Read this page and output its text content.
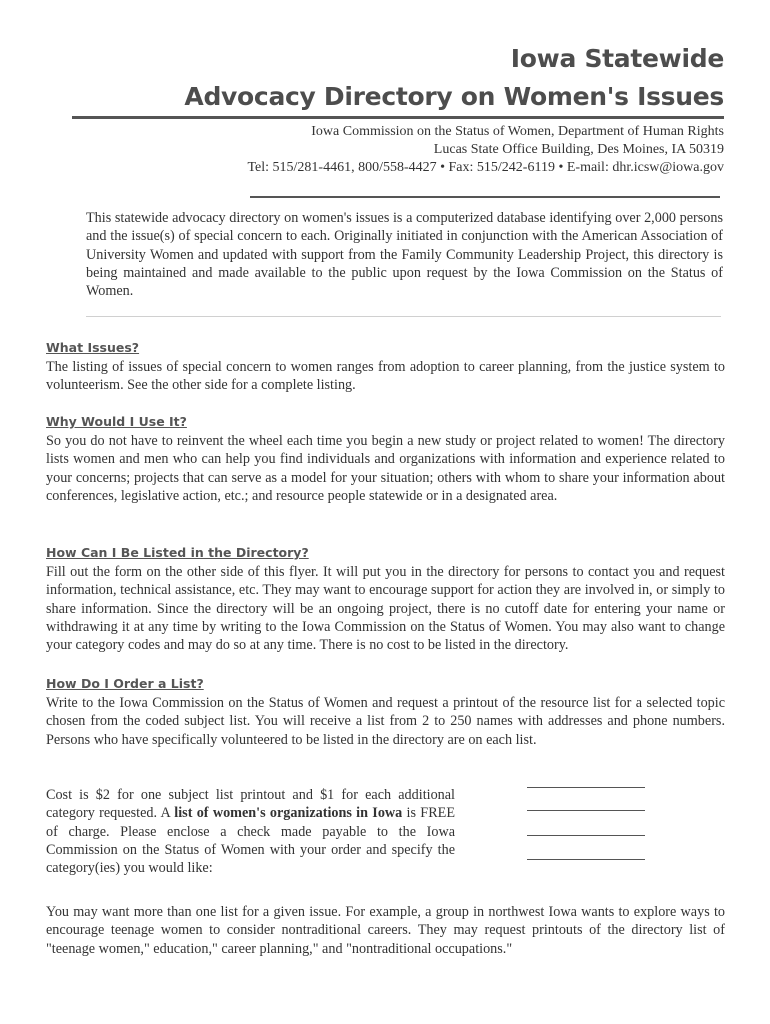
Iowa Statewide
Advocacy Directory on Women's Issues
Iowa Commission on the Status of Women, Department of Human Rights
Lucas State Office Building, Des Moines, IA 50319
Tel: 515/281-4461, 800/558-4427 • Fax: 515/242-6119 • E-mail: dhr.icsw@iowa.gov
This statewide advocacy directory on women's issues is a computerized database identifying over 2,000 persons and the issue(s) of special concern to each. Originally initiated in conjunction with the American Association of University Women and updated with support from the Family Community Leadership Project, this directory is being maintained and made available to the public upon request by the Iowa Commission on the Status of Women.
What Issues?
The listing of issues of special concern to women ranges from adoption to career planning, from the justice system to volunteerism. See the other side for a complete listing.
Why Would I Use It?
So you do not have to reinvent the wheel each time you begin a new study or project related to women! The directory lists women and men who can help you find individuals and organizations with information and experience related to your concerns; projects that can serve as a model for your situation; others with whom to share your information about conferences, legislative action, etc.; and resource people statewide or in a designated area.
How Can I Be Listed in the Directory?
Fill out the form on the other side of this flyer. It will put you in the directory for persons to contact you and request information, technical assistance, etc. They may want to encourage support for action they are involved in, or simply to share information. Since the directory will be an ongoing project, there is no cutoff date for entering your name or withdrawing it at any time by writing to the Iowa Commission on the Status of Women. You may also want to change your category codes and may do so at any time. There is no cost to be listed in the directory.
How Do I Order a List?
Write to the Iowa Commission on the Status of Women and request a printout of the resource list for a selected topic chosen from the coded subject list. You will receive a list from 2 to 250 names with addresses and phone numbers. Persons who have specifically volunteered to be listed in the directory are on each list.
Cost is $2 for one subject list printout and $1 for each additional category requested. A list of women's organizations in Iowa is FREE of charge. Please enclose a check made payable to the Iowa Commission on the Status of Women with your order and specify the category(ies) you would like:
You may want more than one list for a given issue. For example, a group in northwest Iowa wants to explore ways to encourage teenage women to consider nontraditional careers. They may request printouts of the directory list of "teenage women," education," career planning," and "nontraditional occupations."
